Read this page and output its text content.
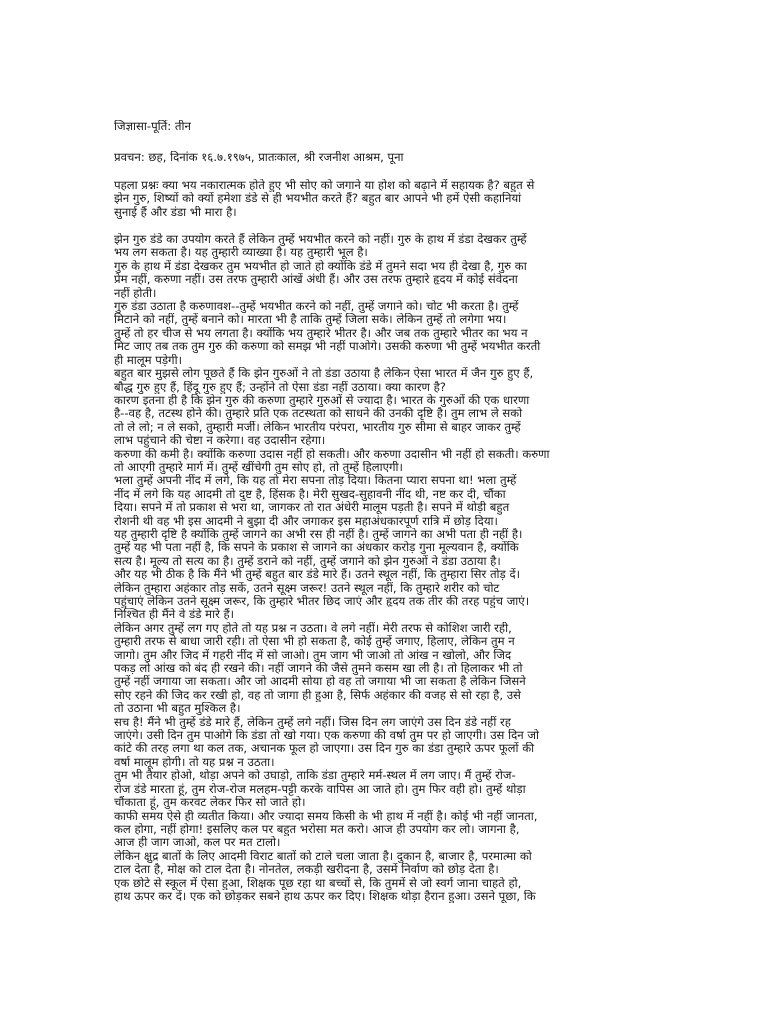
जिज्ञासा-पूर्ति: तीन
प्रवचन: छह, दिनांक १६.७.१९७५, प्रातःकाल, श्री रजनीश आश्रम, पूना
पहला प्रश्नः क्या भय नकारात्मक होते हुए भी सोए को जगाने या होश को बढ़ाने में सहायक है? बहुत से
झेन गुरु, शिष्यों को क्यों हमेशा डंडे से ही भयभीत करते हैं? बहुत बार आपने भी हमें ऐसी कहानियां
सुनाई हैं और डंडा भी मारा है।
झेन गुरु डंडे का उपयोग करते हैं लेकिन तुम्हें भयभीत करने को नहीं। गुरु के हाथ में डंडा देखकर तुम्हें
भय लग सकता है। यह तुम्हारी व्याख्या है। यह तुम्हारी भूल है।
गुरु के हाथ में डंडा देखकर तुम भयभीत हो जाते हो क्योंकि डंडे में तुमने सदा भय ही देखा है, गुरु का
प्रेम नहीं, करुणा नहीं। उस तरफ तुम्हारी आंखें अंधी हैं। और उस तरफ तुम्हारे हृदय में कोई संवेदना
नहीं होती।
गुरु डंडा उठाता है करुणावश--तुम्हें भयभीत करने को नहीं, तुम्हें जगाने को। चोट भी करता है। तुम्हें
मिटाने को नहीं, तुम्हें बनाने को। मारता भी है ताकि तुम्हें जिला सके। लेकिन तुम्हें तो लगेगा भय।
तुम्हें तो हर चीज से भय लगता है। क्योंकि भय तुम्हारे भीतर है। और जब तक तुम्हारे भीतर का भय न
मिट जाए तब तक तुम गुरु की करुणा को समझ भी नहीं पाओगे। उसकी करुणा भी तुम्हें भयभीत करती
ही मालूम पड़ेगी।
बहुत बार मुझसे लोग पूछते हैं कि झेन गुरुओं ने तो डंडा उठाया है लेकिन ऐसा भारत में जैन गुरु हुए हैं,
बौद्ध गुरु हुए हैं, हिंदू गुरु हुए हैं; उन्होंने तो ऐसा डंडा नहीं उठाया। क्या कारण है?
कारण इतना ही है कि झेन गुरु की करुणा तुम्हारे गुरुओं से ज्यादा है। भारत के गुरुओं की एक धारणा
है--वह है, तटस्थ होने की। तुम्हारे प्रति एक तटस्थता को साधने की उनकी दृष्टि है। तुम लाभ ले सको
तो ले लो; न ले सको, तुम्हारी मर्जी। लेकिन भारतीय परंपरा, भारतीय गुरु सीमा से बाहर जाकर तुम्हें
लाभ पहुंचाने की चेष्टा न करेगा। वह उदासीन रहेगा।
करुणा की कमी है। क्योंकि करुणा उदास नहीं हो सकती। और करुणा उदासीन भी नहीं हो सकती। करुणा
तो आएगी तुम्हारे मार्ग में। तुम्हें खींचेगी तुम सोए हो, तो तुम्हें हिलाएगी।
भला तुम्हें अपनी नींद में लगे, कि यह तो मेरा सपना तोड़ दिया। कितना प्यारा सपना था! भला तुम्हें
नींद में लगे कि यह आदमी तो दुष्ट है, हिंसक है। मेरी सुखद-सुहावनी नींद थी, नष्ट कर दी, चौंका
दिया। सपने में तो प्रकाश से भरा था, जागकर तो रात अंधेरी मालूम पड़ती है। सपने में थोड़ी बहुत
रोशनी थी वह भी इस आदमी ने बुझा दी और जगाकर इस महाअंधकारपूर्ण रात्रि में छोड़ दिया।
यह तुम्हारी दृष्टि है क्योंकि तुम्हें जागने का अभी रस ही नहीं है। तुम्हें जागने का अभी पता ही नहीं है।
तुम्हें यह भी पता नहीं है, कि सपने के प्रकाश से जागने का अंधकार करोड़ गुना मूल्यवान है, क्योंकि
सत्य है। मूल्य तो सत्य का है। तुम्हें डराने को नहीं, तुम्हें जगाने को झेन गुरुओं ने डंडा उठाया है।
और यह भी ठीक है कि मैंने भी तुम्हें बहुत बार डंडे मारे हैं। उतने स्थूल नहीं, कि तुम्हारा सिर तोड़ दें।
लेकिन तुम्हारा अहंकार तोड़ सकें, उतने सूक्ष्म जरूर! उतने स्थूल नहीं, कि तुम्हारे शरीर को चोट
पहुंचाएं लेकिन उतने सूक्ष्म जरूर, कि तुम्हारे भीतर छिद जाएं और हृदय तक तीर की तरह पहुंच जाएं।
निश्चित ही मैंने वे डंडे मारे हैं।
लेकिन अगर तुम्हें लग गए होते तो यह प्रश्न न उठता। वे लगे नहीं। मेरी तरफ से कोशिश जारी रही,
तुम्हारी तरफ से बाधा जारी रही। तो ऐसा भी हो सकता है, कोई तुम्हें जगाए, हिलाए, लेकिन तुम न
जागो। तुम और जिद में गहरी नींद में सो जाओ। तुम जाग भी जाओ तो आंख न खोलो, और जिद
पकड़ लो आंख को बंद ही रखने की। नहीं जागने की जैसे तुमने कसम खा ली है। तो हिलाकर भी तो
तुम्हें नहीं जगाया जा सकता। और जो आदमी सोया हो वह तो जगाया भी जा सकता है लेकिन जिसने
सोए रहने की जिद कर रखी हो, वह तो जागा ही हुआ है, सिर्फ अहंकार की वजह से सो रहा है, उसे
तो उठाना भी बहुत मुश्किल है।
सच है! मैंने भी तुम्हें डंडे मारे हैं, लेकिन तुम्हें लगे नहीं। जिस दिन लग जाएंगे उस दिन डंडे नहीं रह
जाएंगे। उसी दिन तुम पाओगे कि डंडा तो खो गया। एक करुणा की वर्षा तुम पर हो जाएगी। उस दिन जो
कांटे की तरह लगा था कल तक, अचानक फूल हो जाएगा। उस दिन गुरु का डंडा तुम्हारे ऊपर फूलों की
वर्षा मालूम होगी। तो यह प्रश्न न उठता।
तुम भी तैयार होओ, थोड़ा अपने को उघाड़ो, ताकि डंडा तुम्हारे मर्म-स्थल में लग जाए। मैं तुम्हें रोज-
रोज डंडे मारता हूं, तुम रोज-रोज मलहम-पट्टी करके वापिस आ जाते हो। तुम फिर वही हो। तुम्हें थोड़ा
चौंकाता हूं, तुम करवट लेकर फिर सो जाते हो।
काफी समय ऐसे ही व्यतीत किया। और ज्यादा समय किसी के भी हाथ में नहीं है। कोई भी नहीं जानता,
कल होगा, नहीं होगा! इसलिए कल पर बहुत भरोसा मत करो। आज ही उपयोग कर लो। जागना है,
आज ही जाग जाओ, कल पर मत टालो।
लेकिन क्षुद्र बातों के लिए आदमी विराट बातों को टाले चला जाता है। दुकान है, बाजार है, परमात्मा को
टाल देता है, मोक्ष को टाल देता है। नोनतेल, लकड़ी खरीदना है, उसमें निर्वाण को छोड़ देता है।
एक छोटे से स्कूल में ऐसा हुआ, शिक्षक पूछ रहा था बच्चों से, कि तुममें से जो स्वर्ग जाना चाहते हो,
हाथ ऊपर कर दें। एक को छोड़कर सबने हाथ ऊपर कर दिए। शिक्षक थोड़ा हैरान हुआ। उसने पूछा, कि
